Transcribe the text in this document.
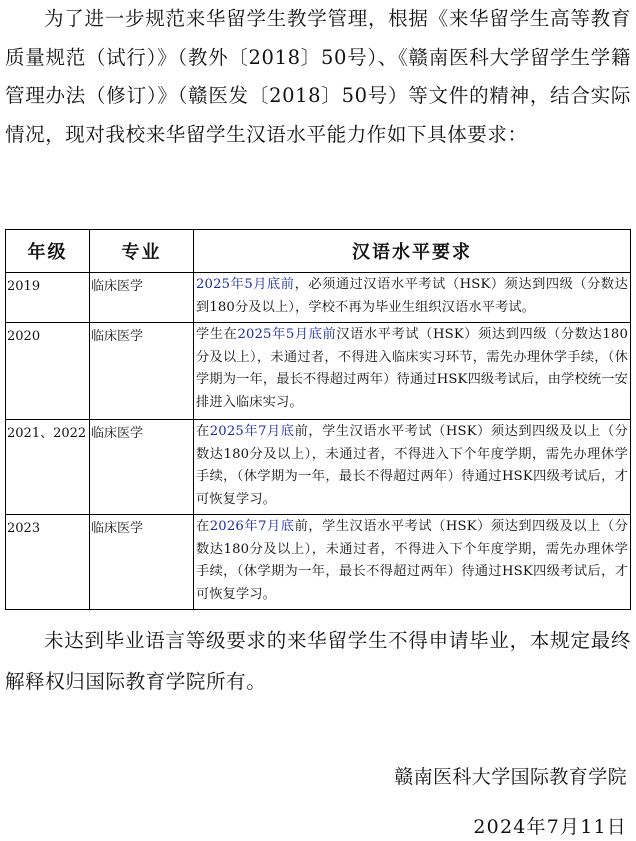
为了进一步规范来华留学生教学管理，根据《来华留学生高等教育质量规范（试行）》（教外〔2018〕50号）、《赣南医科大学留学生学籍管理办法（修订）》（赣医发〔2018〕50号）等文件的精神，结合实际情况，现对我校来华留学生汉语水平能力作如下具体要求：

年级	专业	汉语水平要求
2019	临床医学	2025年5月底前，必须通过汉语水平考试（HSK）须达到四级（分数达到180分及以上），学校不再为毕业生组织汉语水平考试。
2020	临床医学	学生在2025年5月底前汉语水平考试（HSK）须达到四级（分数达180分及以上），未通过者，不得进入临床实习环节，需先办理休学手续，（休学期为一年，最长不得超过两年）待通过HSK四级考试后，由学校统一安排进入临床实习。
2021、2022	临床医学	在2025年7月底前，学生汉语水平考试（HSK）须达到四级及以上（分数达180分及以上），未通过者，不得进入下个年度学期，需先办理休学手续，（休学期为一年，最长不得超过两年）待通过HSK四级考试后，才可恢复学习。
2023	临床医学	在2026年7月底前，学生汉语水平考试（HSK）须达到四级及以上（分数达180分及以上），未通过者，不得进入下个年度学期，需先办理休学手续，（休学期为一年，最长不得超过两年）待通过HSK四级考试后，才可恢复学习。

未达到毕业语言等级要求的来华留学生不得申请毕业，本规定最终解释权归国际教育学院所有。

赣南医科大学国际教育学院
2024年7月11日
